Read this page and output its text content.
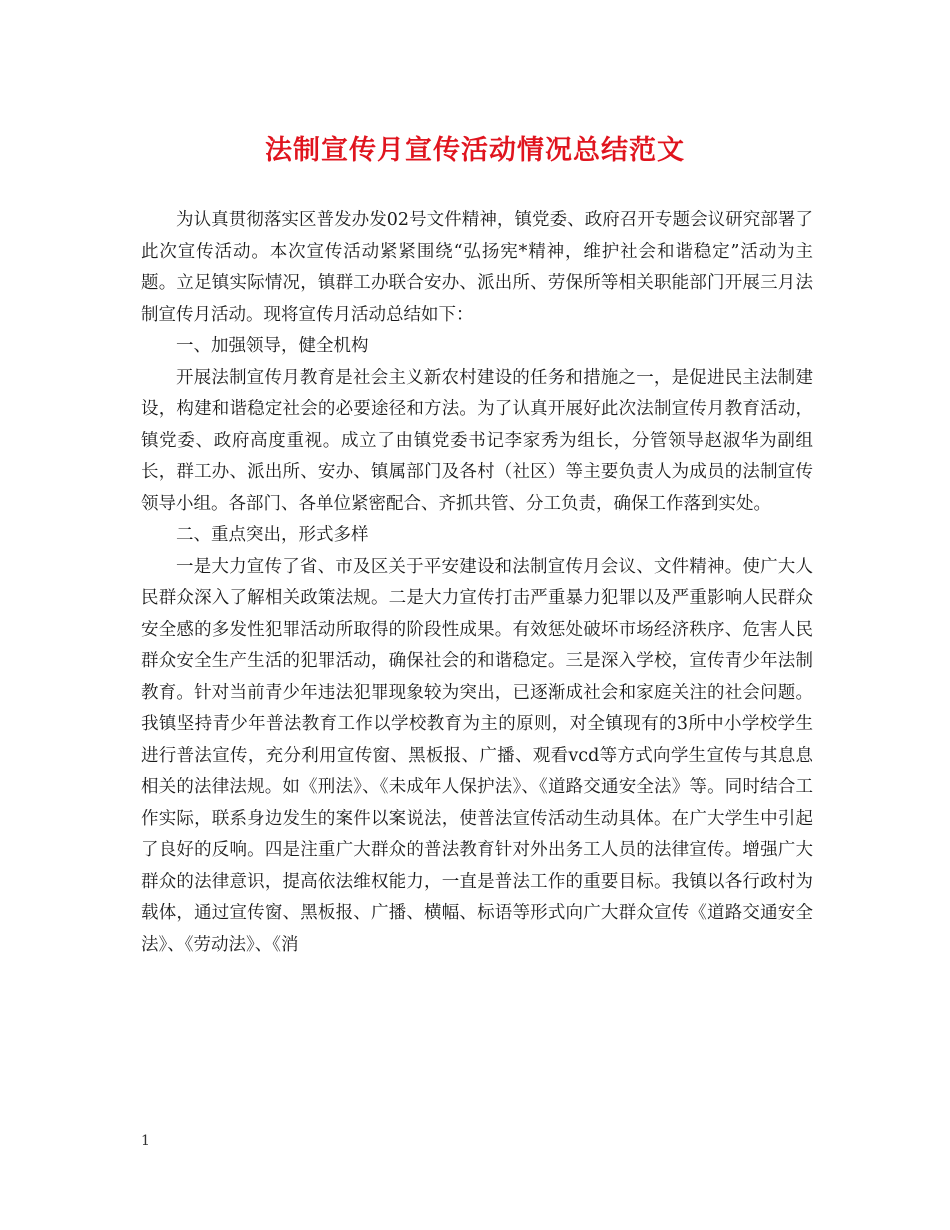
法制宣传月宣传活动情况总结范文

为认真贯彻落实区普发办发02号文件精神，镇党委、政府召开专题会议研究部署了此次宣传活动。本次宣传活动紧紧围绕“弘扬宪*精神，维护社会和谐稳定”活动为主题。立足镇实际情况，镇群工办联合安办、派出所、劳保所等相关职能部门开展三月法制宣传月活动。现将宣传月活动总结如下：

一、加强领导，健全机构

开展法制宣传月教育是社会主义新农村建设的任务和措施之一，是促进民主法制建设，构建和谐稳定社会的必要途径和方法。为了认真开展好此次法制宣传月教育活动，镇党委、政府高度重视。成立了由镇党委书记李家秀为组长，分管领导赵淑华为副组长，群工办、派出所、安办、镇属部门及各村（社区）等主要负责人为成员的法制宣传领导小组。各部门、各单位紧密配合、齐抓共管、分工负责，确保工作落到实处。

二、重点突出，形式多样

一是大力宣传了省、市及区关于平安建设和法制宣传月会议、文件精神。使广大人民群众深入了解相关政策法规。二是大力宣传打击严重暴力犯罪以及严重影响人民群众安全感的多发性犯罪活动所取得的阶段性成果。有效惩处破坏市场经济秩序、危害人民群众安全生产生活的犯罪活动，确保社会的和谐稳定。三是深入学校，宣传青少年法制教育。针对当前青少年违法犯罪现象较为突出，已逐渐成社会和家庭关注的社会问题。我镇坚持青少年普法教育工作以学校教育为主的原则，对全镇现有的3所中小学校学生进行普法宣传，充分利用宣传窗、黑板报、广播、观看vcd等方式向学生宣传与其息息相关的法律法规。如《刑法》、《未成年人保护法》、《道路交通安全法》等。同时结合工作实际，联系身边发生的案件以案说法，使普法宣传活动生动具体。在广大学生中引起了良好的反响。四是注重广大群众的普法教育针对外出务工人员的法律宣传。增强广大群众的法律意识，提高依法维权能力，一直是普法工作的重要目标。我镇以各行政村为载体，通过宣传窗、黑板报、广播、横幅、标语等形式向广大群众宣传《道路交通安全法》、《劳动法》、《消

1
